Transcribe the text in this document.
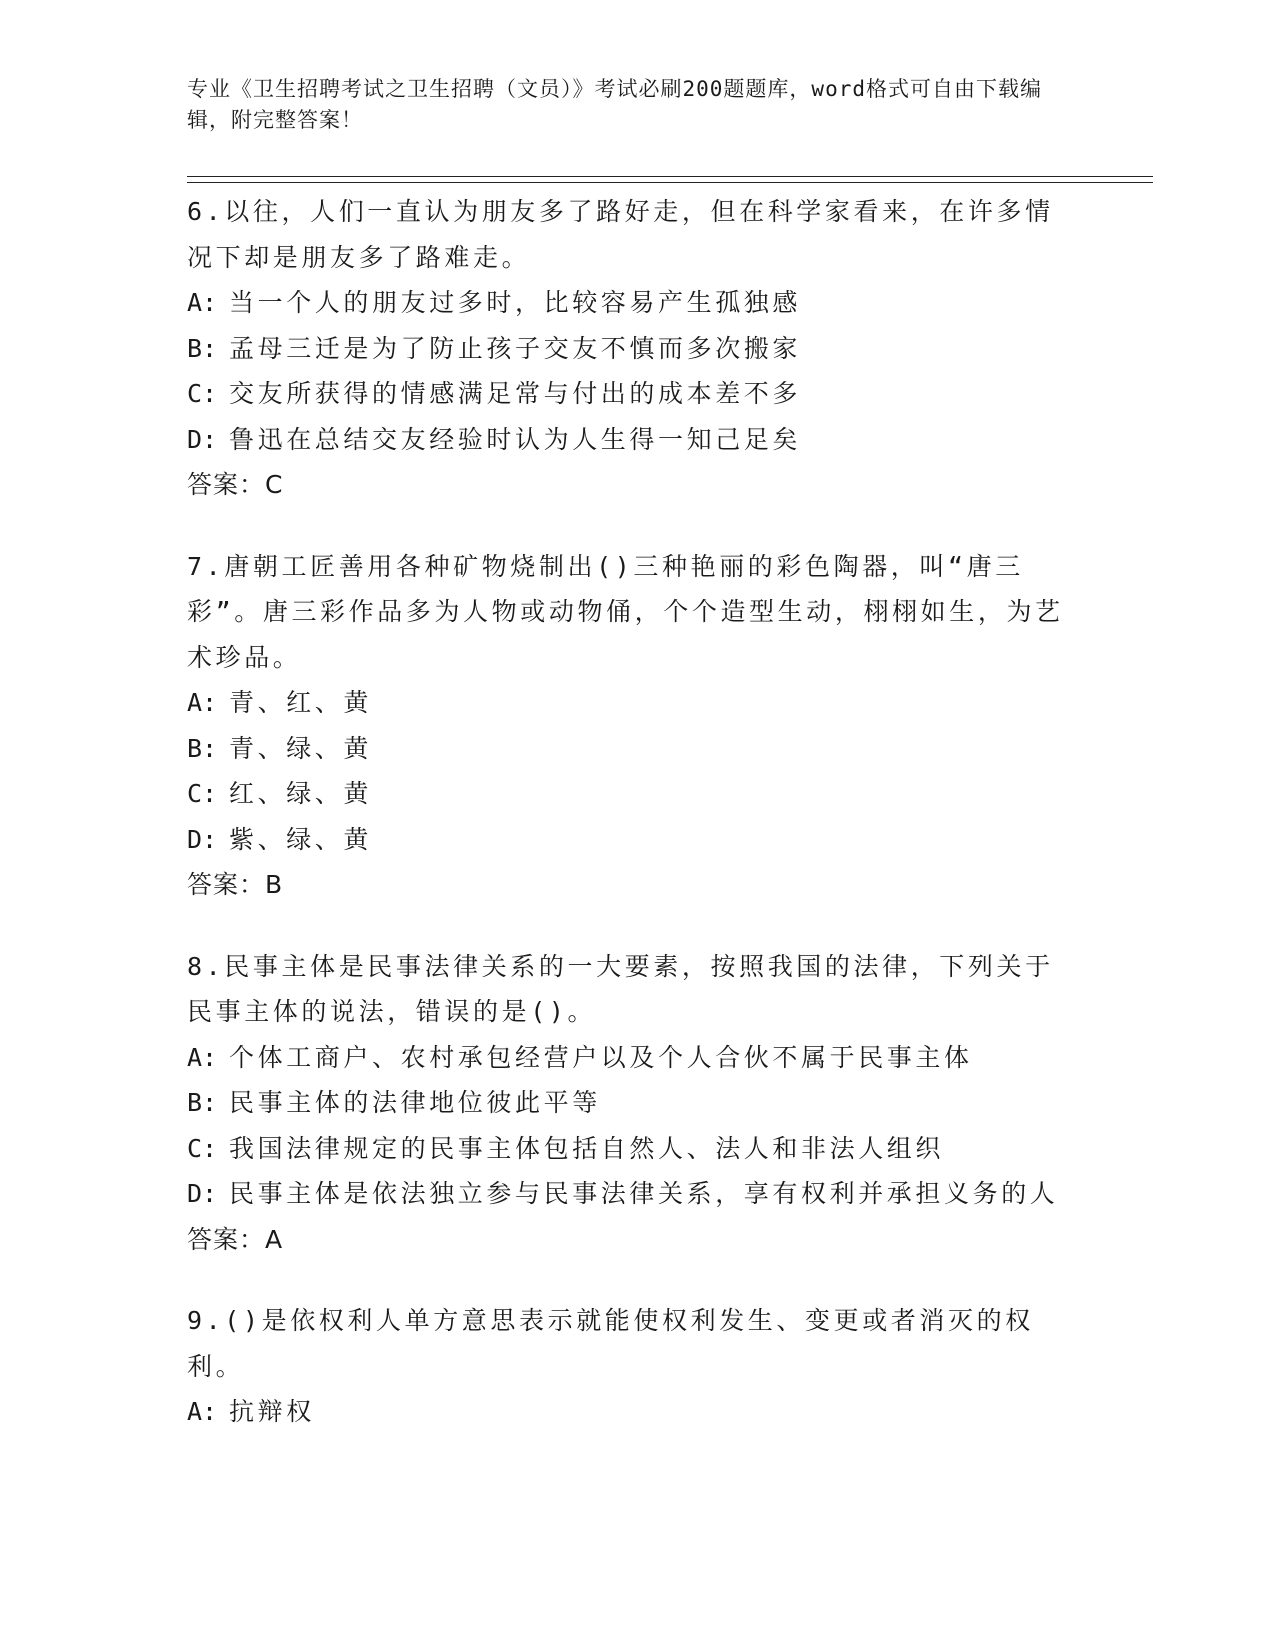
专业《卫生招聘考试之卫生招聘（文员）》考试必刷200题题库，word格式可自由下载编辑，附完整答案！

6.以往，人们一直认为朋友多了路好走，但在科学家看来，在许多情况下却是朋友多了路难走。

A: 当一个人的朋友过多时，比较容易产生孤独感

B: 孟母三迁是为了防止孩子交友不慎而多次搬家

C: 交友所获得的情感满足常与付出的成本差不多

D: 鲁迅在总结交友经验时认为人生得一知己足矣

答案：C

7.唐朝工匠善用各种矿物烧制出()三种艳丽的彩色陶器，叫“唐三彩”。唐三彩作品多为人物或动物俑，个个造型生动，栩栩如生，为艺术珍品。

A: 青、红、黄

B: 青、绿、黄

C: 红、绿、黄

D: 紫、绿、黄

答案：B

8.民事主体是民事法律关系的一大要素，按照我国的法律，下列关于民事主体的说法，错误的是()。

A: 个体工商户、农村承包经营户以及个人合伙不属于民事主体

B: 民事主体的法律地位彼此平等

C: 我国法律规定的民事主体包括自然人、法人和非法人组织

D: 民事主体是依法独立参与民事法律关系，享有权利并承担义务的人

答案：A

9.()是依权利人单方意思表示就能使权利发生、变更或者消灭的权利。

A: 抗辩权
